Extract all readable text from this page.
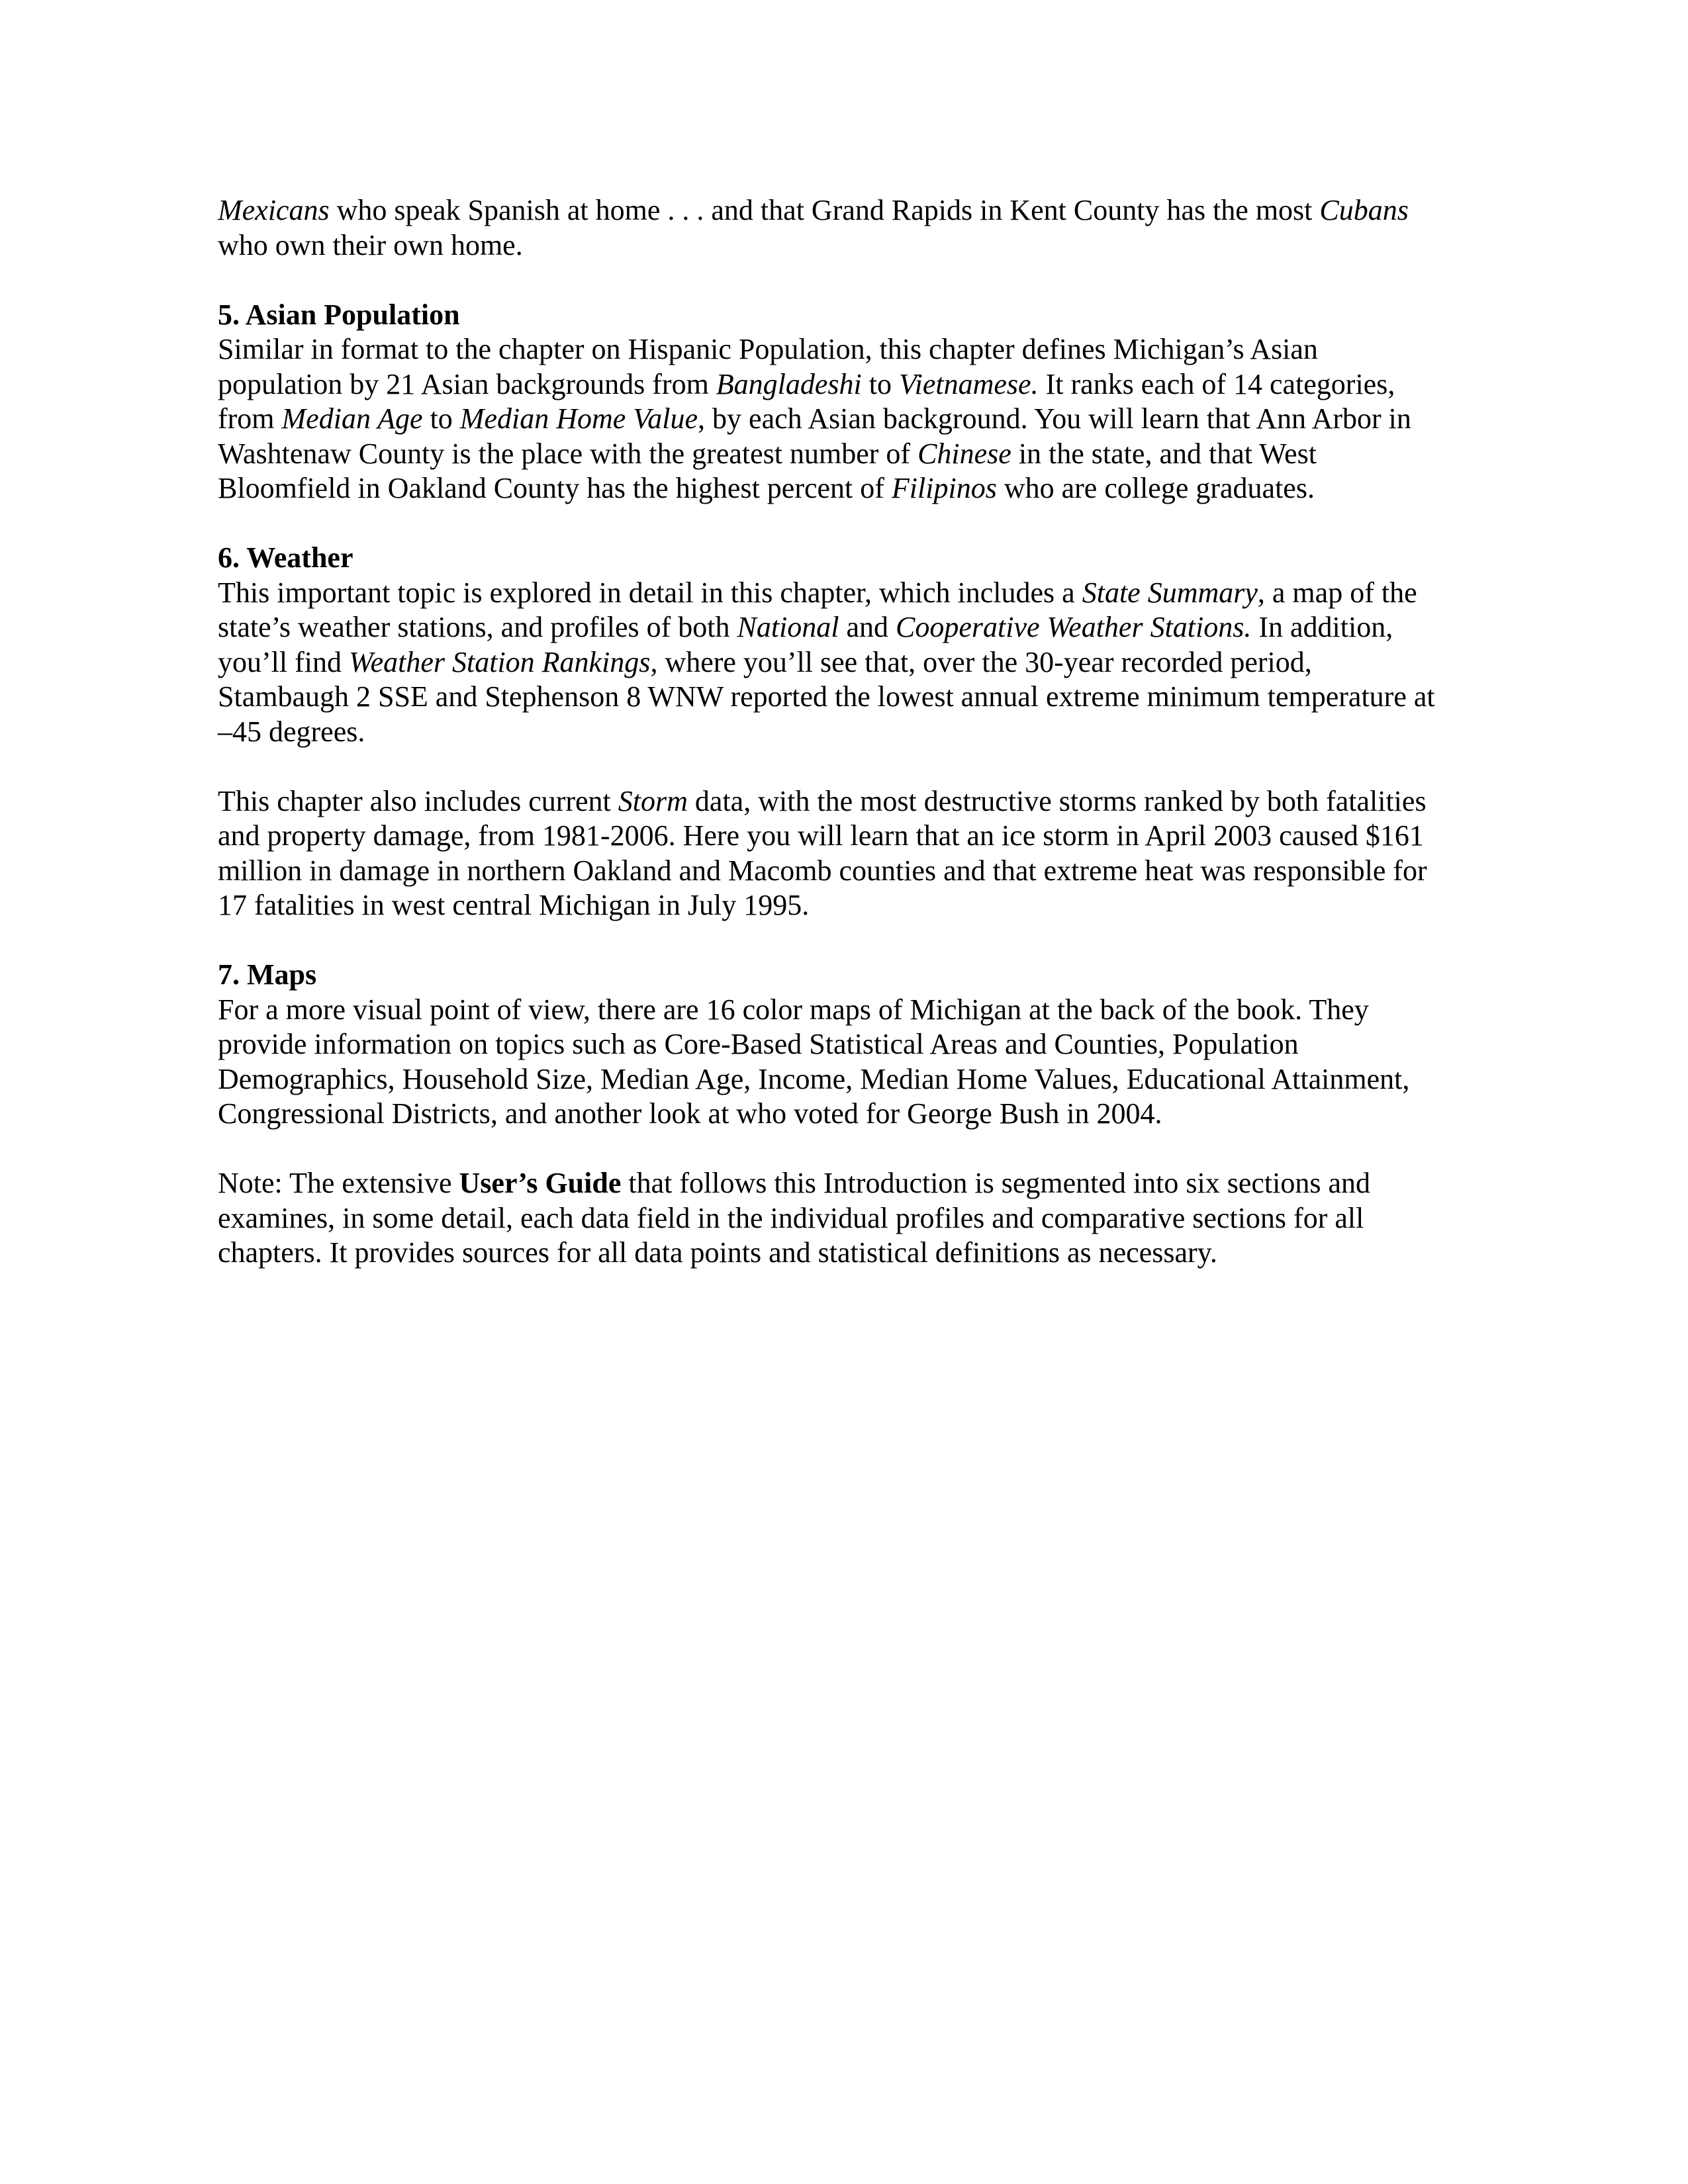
Mexicans who speak Spanish at home . . . and that Grand Rapids in Kent County has the most Cubans
who own their own home.

5. Asian Population

Similar in format to the chapter on Hispanic Population, this chapter defines Michigan’s Asian
population by 21 Asian backgrounds from Bangladeshi to Vietnamese. It ranks each of 14 categories,
from Median Age to Median Home Value, by each Asian background. You will learn that Ann Arbor in
Washtenaw County is the place with the greatest number of Chinese in the state, and that West
Bloomfield in Oakland County has the highest percent of Filipinos who are college graduates.

6. Weather

This important topic is explored in detail in this chapter, which includes a State Summary, a map of the
state’s weather stations, and profiles of both National and Cooperative Weather Stations. In addition,
you’ll find Weather Station Rankings, where you’ll see that, over the 30-year recorded period,
Stambaugh 2 SSE and Stephenson 8 WNW reported the lowest annual extreme minimum temperature at
–45 degrees.

This chapter also includes current Storm data, with the most destructive storms ranked by both fatalities
and property damage, from 1981-2006. Here you will learn that an ice storm in April 2003 caused $161
million in damage in northern Oakland and Macomb counties and that extreme heat was responsible for
17 fatalities in west central Michigan in July 1995.

7. Maps

For a more visual point of view, there are 16 color maps of Michigan at the back of the book. They
provide information on topics such as Core-Based Statistical Areas and Counties, Population
Demographics, Household Size, Median Age, Income, Median Home Values, Educational Attainment,
Congressional Districts, and another look at who voted for George Bush in 2004.

Note: The extensive User’s Guide that follows this Introduction is segmented into six sections and
examines, in some detail, each data field in the individual profiles and comparative sections for all
chapters. It provides sources for all data points and statistical definitions as necessary.
